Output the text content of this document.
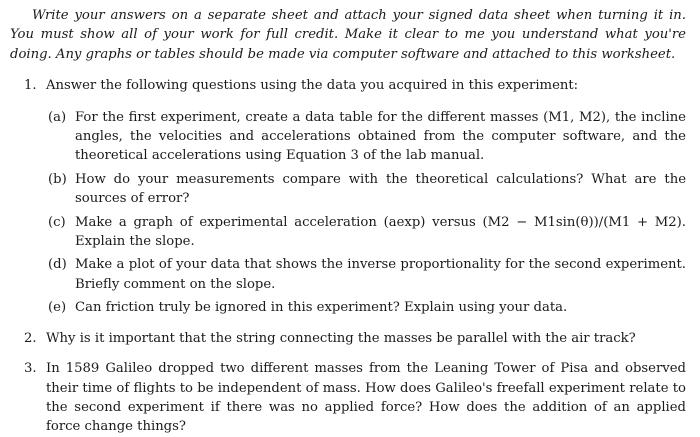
Write your answers on a separate sheet and attach your signed data sheet when turning it in. You must show all of your work for full credit. Make it clear to me you understand what you're doing. Any graphs or tables should be made via computer software and attached to this worksheet.

1. Answer the following questions using the data you acquired in this experiment:
(a) For the first experiment, create a data table for the different masses (M1, M2), the incline angles, the velocities and accelerations obtained from the computer software, and the theoretical accelerations using Equation 3 of the lab manual.
(b) How do your measurements compare with the theoretical calculations? What are the sources of error?
(c) Make a graph of experimental acceleration (aexp) versus (M2 − M1sin(θ))/(M1 + M2). Explain the slope.
(d) Make a plot of your data that shows the inverse proportionality for the second experiment. Briefly comment on the slope.
(e) Can friction truly be ignored in this experiment? Explain using your data.
2. Why is it important that the string connecting the masses be parallel with the air track?
3. In 1589 Galileo dropped two different masses from the Leaning Tower of Pisa and observed their time of flights to be independent of mass. How does Galileo's freefall experiment relate to the second experiment if there was no applied force? How does the addition of an applied force change things?
